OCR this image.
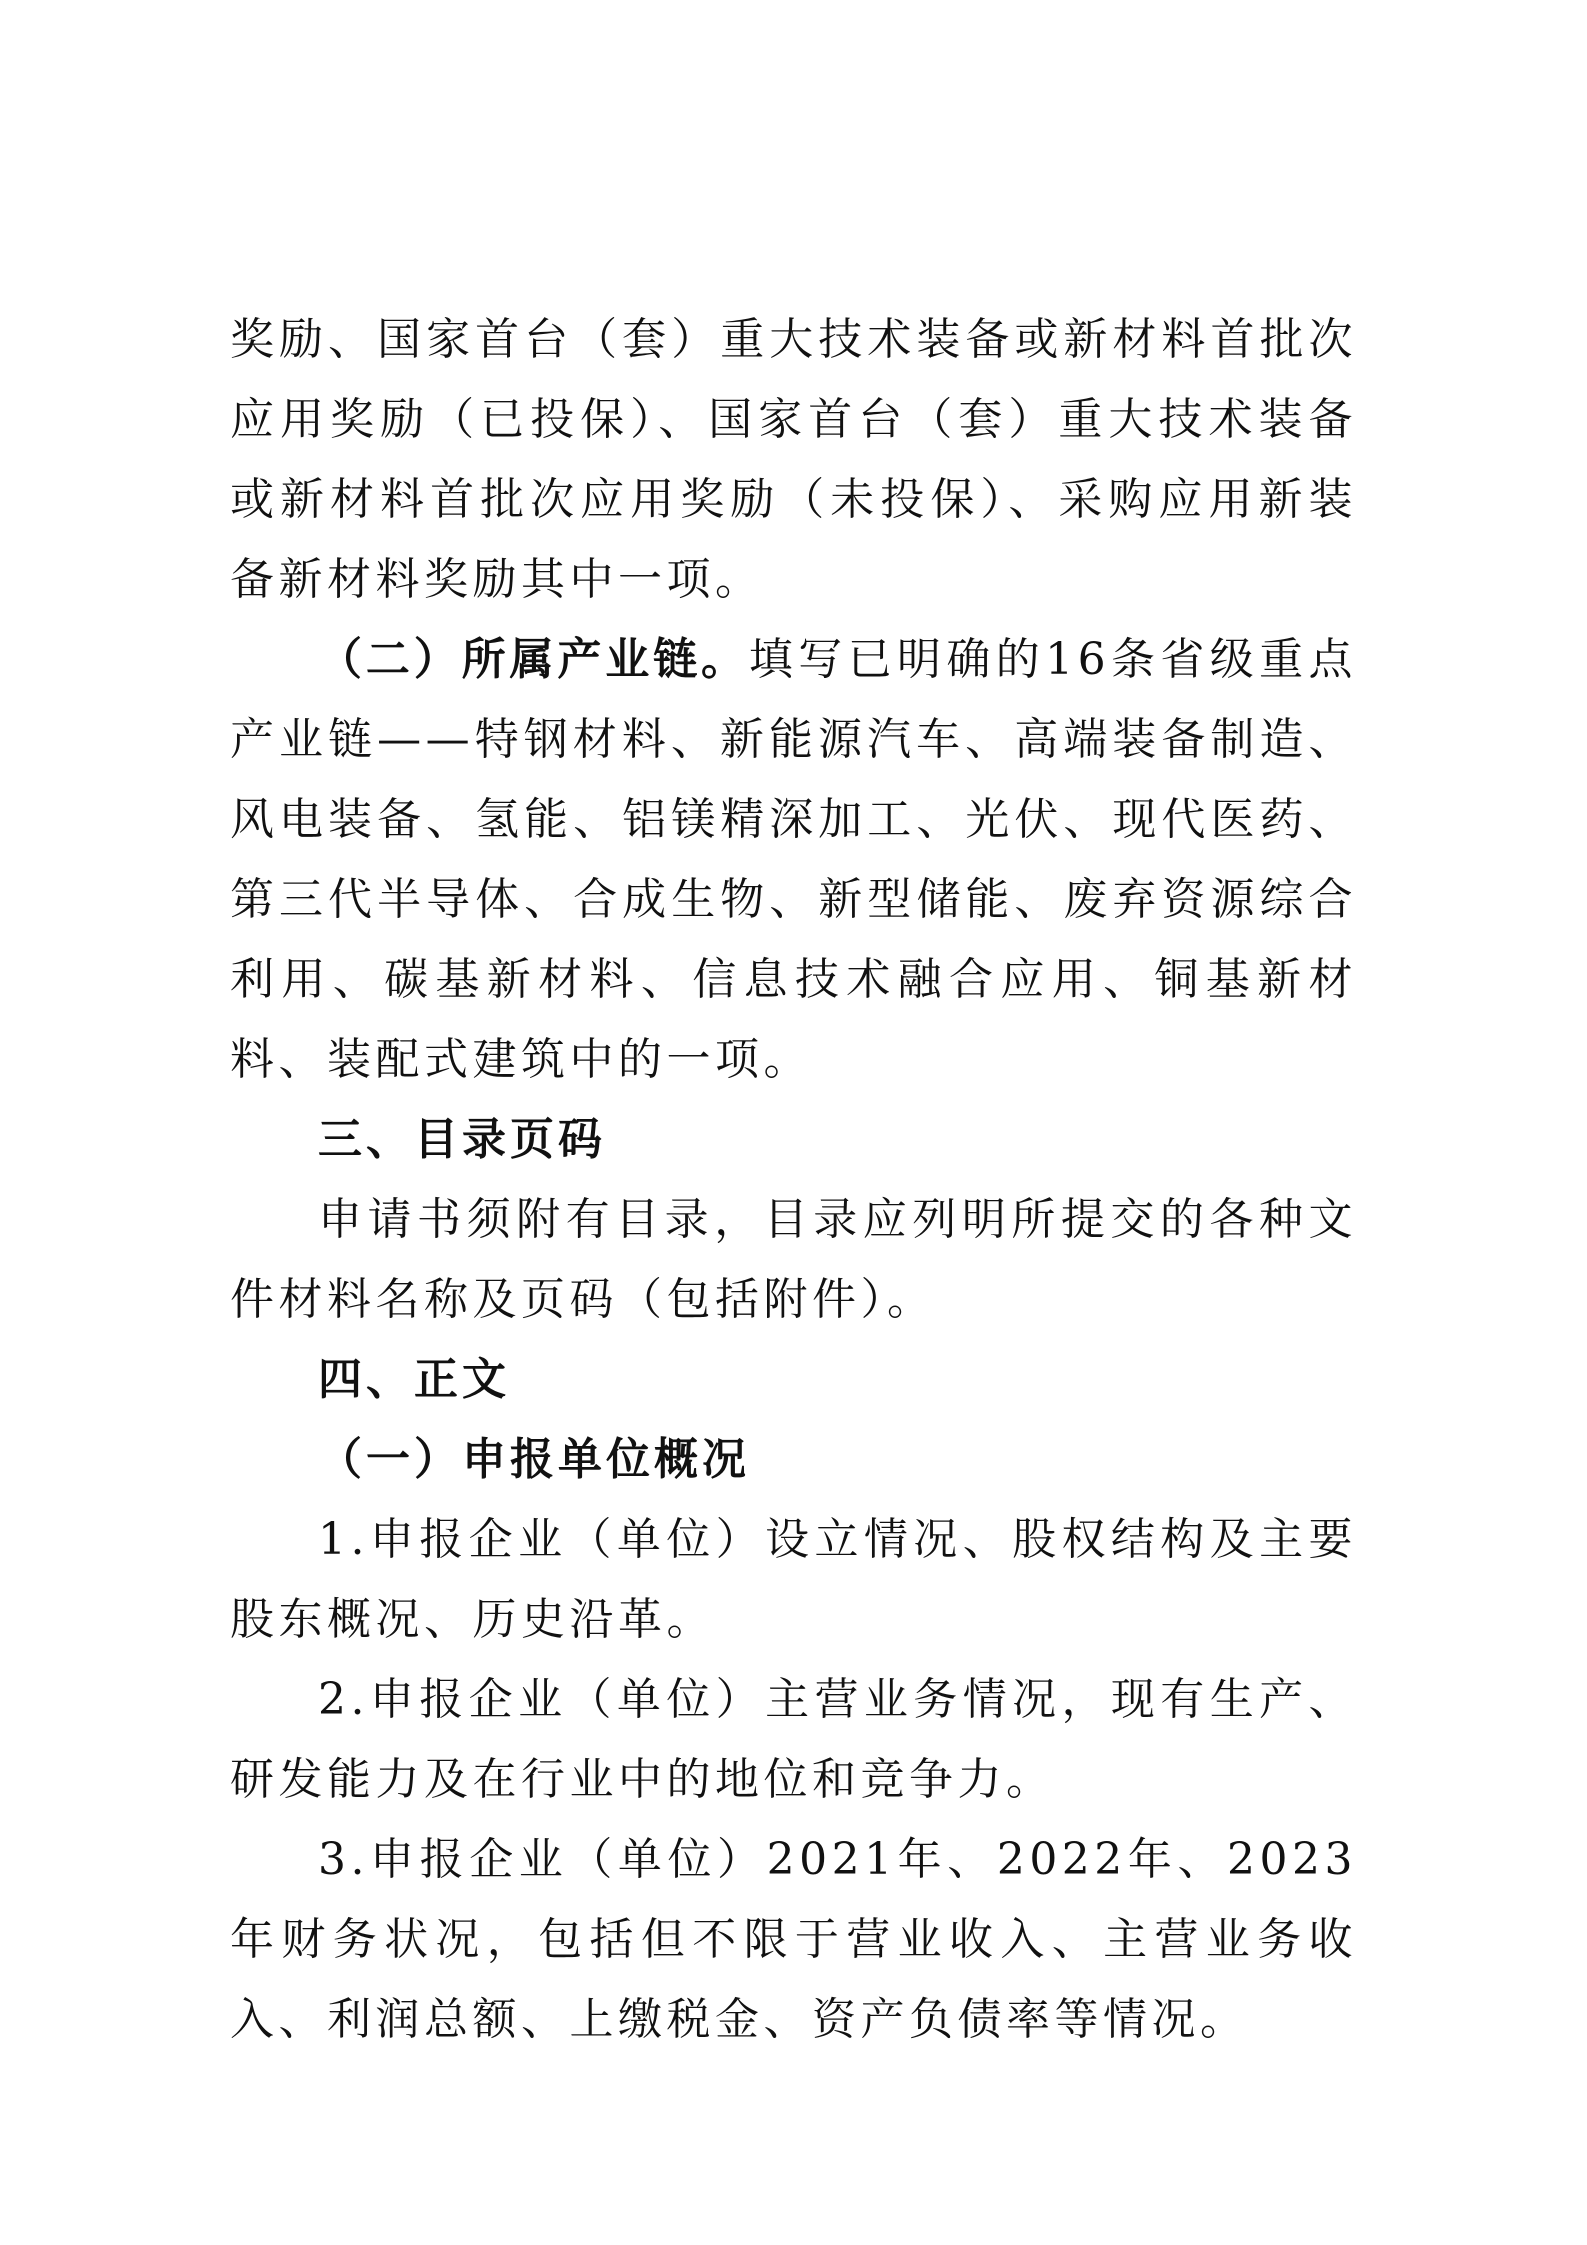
奖励、国家首台（套）重大技术装备或新材料首批次应用奖励（已投保）、国家首台（套）重大技术装备或新材料首批次应用奖励（未投保）、采购应用新装备新材料奖励其中一项。

（二）所属产业链。填写已明确的16条省级重点产业链——特钢材料、新能源汽车、高端装备制造、风电装备、氢能、铝镁精深加工、光伏、现代医药、第三代半导体、合成生物、新型储能、废弃资源综合利用、碳基新材料、信息技术融合应用、铜基新材料、装配式建筑中的一项。

三、目录页码

申请书须附有目录，目录应列明所提交的各种文件材料名称及页码（包括附件）。

四、正文

（一）申报单位概况

1.申报企业（单位）设立情况、股权结构及主要股东概况、历史沿革。

2.申报企业（单位）主营业务情况，现有生产、研发能力及在行业中的地位和竞争力。

3.申报企业（单位）2021年、2022年、2023年财务状况，包括但不限于营业收入、主营业务收入、利润总额、上缴税金、资产负债率等情况。
